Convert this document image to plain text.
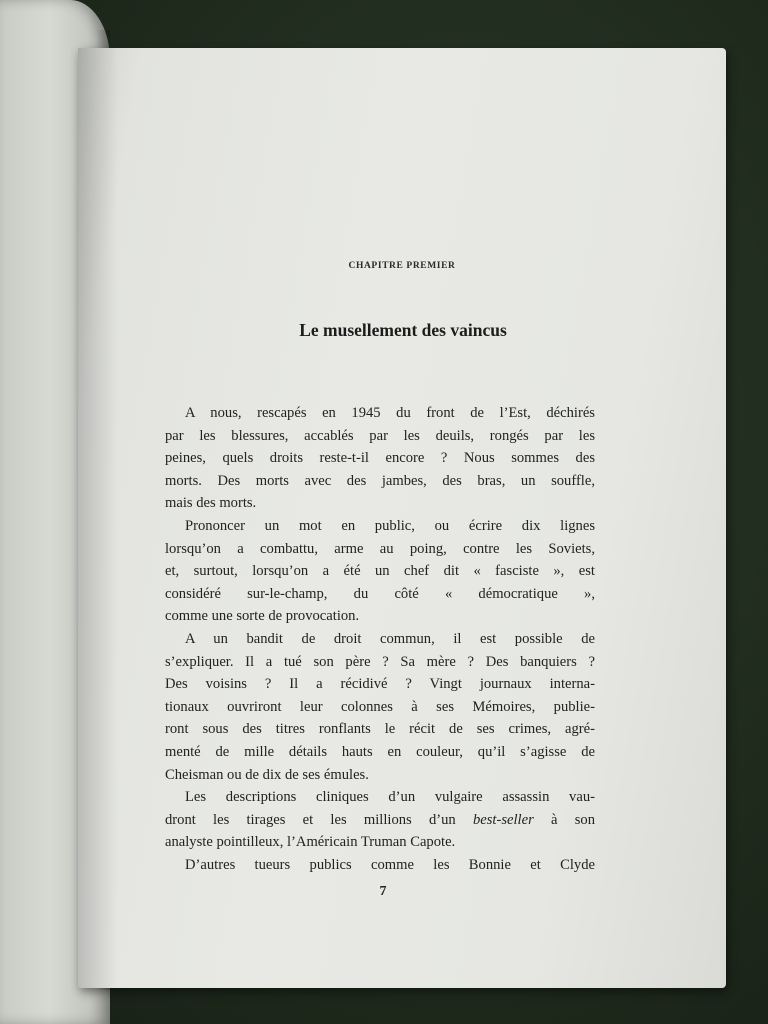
CHAPITRE PREMIER
Le musellement des vaincus
A nous, rescapés en 1945 du front de l’Est, déchirés
par les blessures, accablés par les deuils, rongés par les
peines, quels droits reste-t-il encore ? Nous sommes des
morts. Des morts avec des jambes, des bras, un souffle,
mais des morts.
Prononcer un mot en public, ou écrire dix lignes
lorsqu’on a combattu, arme au poing, contre les Soviets,
et, surtout, lorsqu’on a été un chef dit « fasciste », est
considéré sur-le-champ, du côté « démocratique »,
comme une sorte de provocation.
A un bandit de droit commun, il est possible de
s’expliquer. Il a tué son père ? Sa mère ? Des banquiers ?
Des voisins ? Il a récidivé ? Vingt journaux interna-
tionaux ouvriront leur colonnes à ses Mémoires, publie-
ront sous des titres ronflants le récit de ses crimes, agré-
menté de mille détails hauts en couleur, qu’il s’agisse de
Cheisman ou de dix de ses émules.
Les descriptions cliniques d’un vulgaire assassin vau-
dront les tirages et les millions d’un best-seller à son
analyste pointilleux, l’Américain Truman Capote.
D’autres tueurs publics comme les Bonnie et Clyde
7
